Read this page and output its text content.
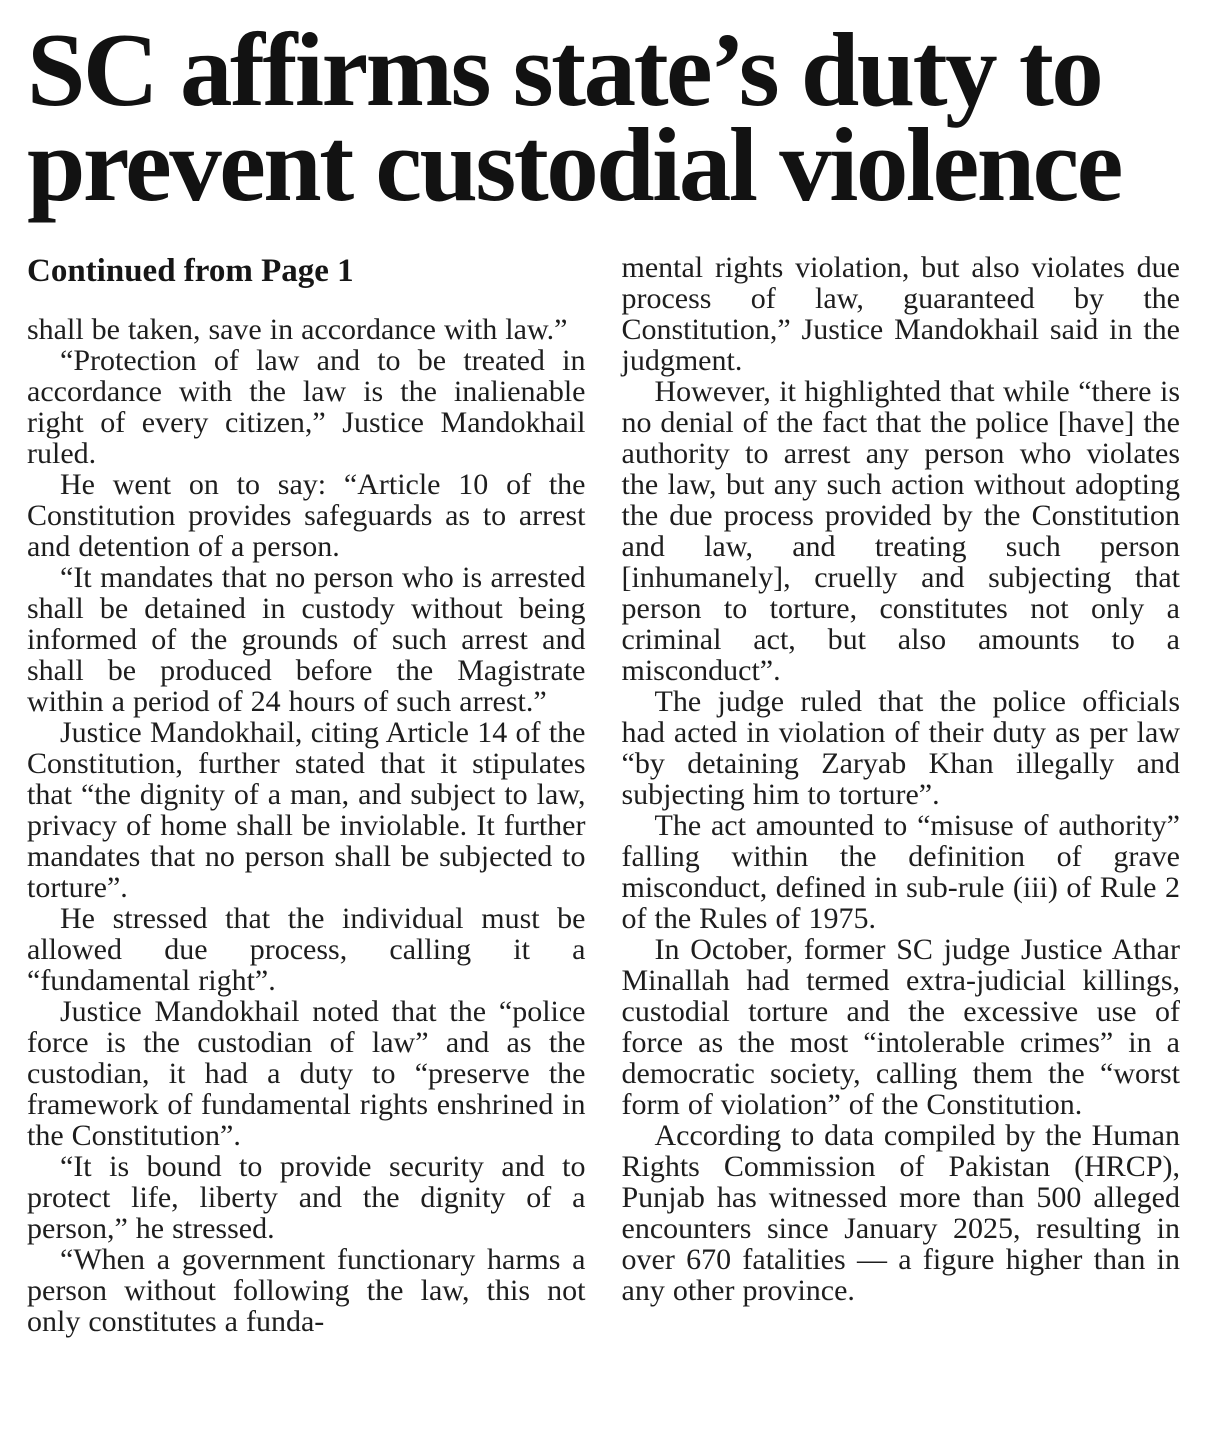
SC affirms state’s duty to prevent custodial violence
Continued from Page 1

shall be taken, save in accordance with law.”

“Protection of law and to be treated in accordance with the law is the inalienable right of every citizen,” Justice Mandokhail ruled.

He went on to say: “Article 10 of the Constitution provides safeguards as to arrest and detention of a person.

“It mandates that no person who is arrested shall be detained in custody without being informed of the grounds of such arrest and shall be produced before the Magistrate within a period of 24 hours of such arrest.”

Justice Mandokhail, citing Article 14 of the Constitution, further stated that it stipulates that “the dignity of a man, and subject to law, privacy of home shall be inviolable. It further mandates that no person shall be subjected to torture”.

He stressed that the individual must be allowed due process, calling it a “fundamental right”.

Justice Mandokhail noted that the “police force is the custodian of law” and as the custodian, it had a duty to “preserve the framework of fundamental rights enshrined in the Constitution”.

“It is bound to provide security and to protect life, liberty and the dignity of a person,” he stressed.

“When a government functionary harms a person without following the law, this not only constitutes a funda-

mental rights violation, but also violates due process of law, guaranteed by the Constitution,” Justice Mandokhail said in the judgment.

However, it highlighted that while “there is no denial of the fact that the police [have] the authority to arrest any person who violates the law, but any such action without adopting the due process provided by the Constitution and law, and treating such person [inhumanely], cruelly and subjecting that person to torture, constitutes not only a criminal act, but also amounts to a misconduct”.

The judge ruled that the police officials had acted in violation of their duty as per law “by detaining Zaryab Khan illegally and subjecting him to torture”.

The act amounted to “misuse of authority” falling within the definition of grave misconduct, defined in sub-rule (iii) of Rule 2 of the Rules of 1975.

In October, former SC judge Justice Athar Minallah had termed extra-judicial killings, custodial torture and the excessive use of force as the most “intolerable crimes” in a democratic society, calling them the “worst form of violation” of the Constitution.

According to data compiled by the Human Rights Commission of Pakistan (HRCP), Punjab has witnessed more than 500 alleged encounters since January 2025, resulting in over 670 fatalities — a figure higher than in any other province.
